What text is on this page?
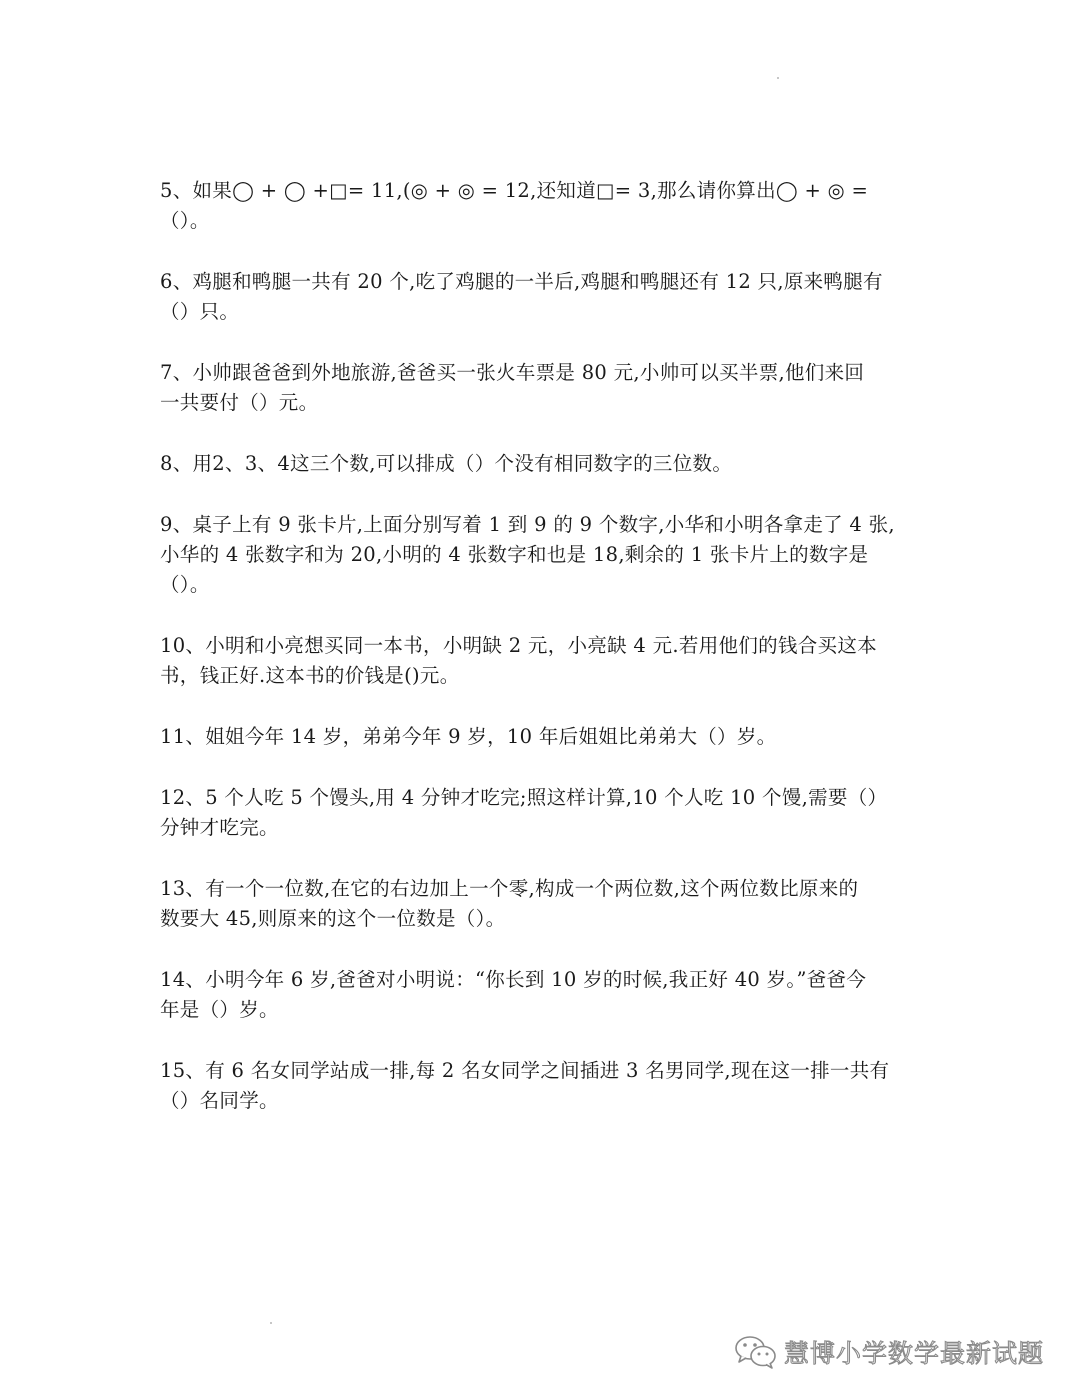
5、如果◯ + ◯ +□= 11,(◎ + ◎ = 12,还知道□= 3,那么请你算出◯ + ◎ =
（）。
6、鸡腿和鸭腿一共有 20 个,吃了鸡腿的一半后,鸡腿和鸭腿还有 12 只,原来鸭腿有
（）只。
7、小帅跟爸爸到外地旅游,爸爸买一张火车票是 80 元,小帅可以买半票,他们来回
一共要付（）元。
8、用2、3、4这三个数,可以排成（）个没有相同数字的三位数。
9、桌子上有 9 张卡片,上面分别写着 1 到 9 的 9 个数字,小华和小明各拿走了 4 张,
小华的 4 张数字和为 20,小明的 4 张数字和也是 18,剩余的 1 张卡片上的数字是
（）。
10、小明和小亮想买同一本书，小明缺 2 元，小亮缺 4 元.若用他们的钱合买这本
书，钱正好.这本书的价钱是()元。
11、姐姐今年 14 岁，弟弟今年 9 岁，10 年后姐姐比弟弟大（）岁。
12、5 个人吃 5 个馒头,用 4 分钟才吃完;照这样计算,10 个人吃 10 个馒,需要（）
分钟才吃完。
13、有一个一位数,在它的右边加上一个零,构成一个两位数,这个两位数比原来的
数要大 45,则原来的这个一位数是（）。
14、小明今年 6 岁,爸爸对小明说：“你长到 10 岁的时候,我正好 40 岁。”爸爸今
年是（）岁。
15、有 6 名女同学站成一排,每 2 名女同学之间插进 3 名男同学,现在这一排一共有
（）名同学。
慧博小学数学最新试题
